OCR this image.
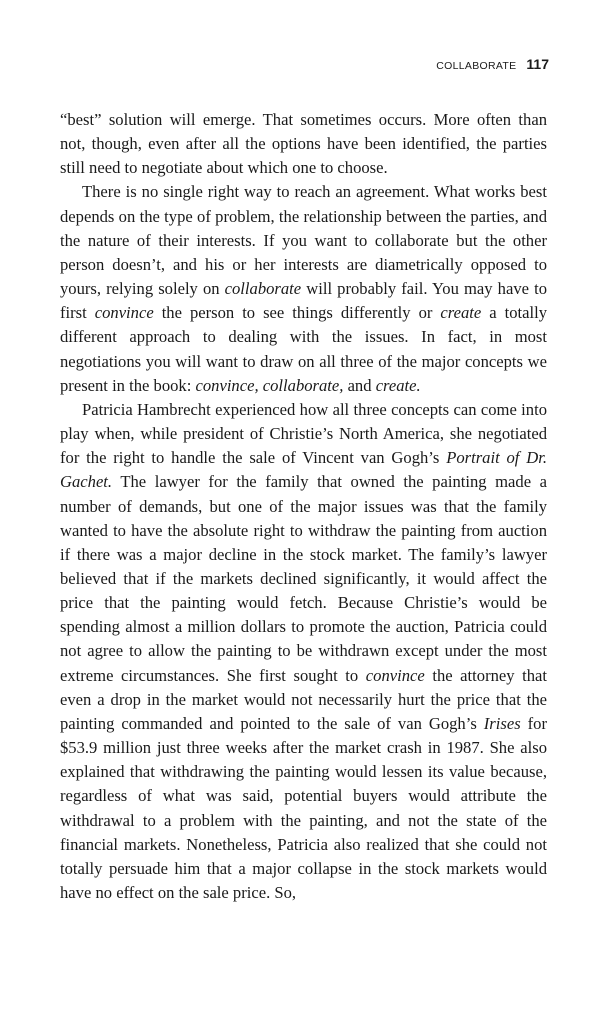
COLLABORATE 117

“best” solution will emerge. That sometimes occurs. More often than not, though, even after all the options have been identified, the parties still need to negotiate about which one to choose.

There is no single right way to reach an agreement. What works best depends on the type of problem, the relationship between the parties, and the nature of their interests. If you want to collaborate but the other person doesn’t, and his or her interests are diametrically opposed to yours, relying solely on collaborate will probably fail. You may have to first convince the person to see things differently or create a totally different approach to dealing with the issues. In fact, in most negotiations you will want to draw on all three of the major concepts we present in the book: convince, collaborate, and create.

Patricia Hambrecht experienced how all three concepts can come into play when, while president of Christie’s North America, she negotiated for the right to handle the sale of Vincent van Gogh’s Portrait of Dr. Gachet. The lawyer for the family that owned the painting made a number of demands, but one of the major issues was that the family wanted to have the absolute right to withdraw the painting from auction if there was a major decline in the stock market. The family’s lawyer believed that if the markets declined significantly, it would affect the price that the painting would fetch. Because Christie’s would be spending almost a million dollars to promote the auction, Patricia could not agree to allow the painting to be withdrawn except under the most extreme circumstances. She first sought to convince the attorney that even a drop in the market would not necessarily hurt the price that the painting commanded and pointed to the sale of van Gogh’s Irises for $53.9 million just three weeks after the market crash in 1987. She also explained that withdrawing the painting would lessen its value because, regardless of what was said, potential buyers would attribute the withdrawal to a problem with the painting, and not the state of the financial markets. Nonetheless, Patricia also realized that she could not totally persuade him that a major collapse in the stock markets would have no effect on the sale price. So,
